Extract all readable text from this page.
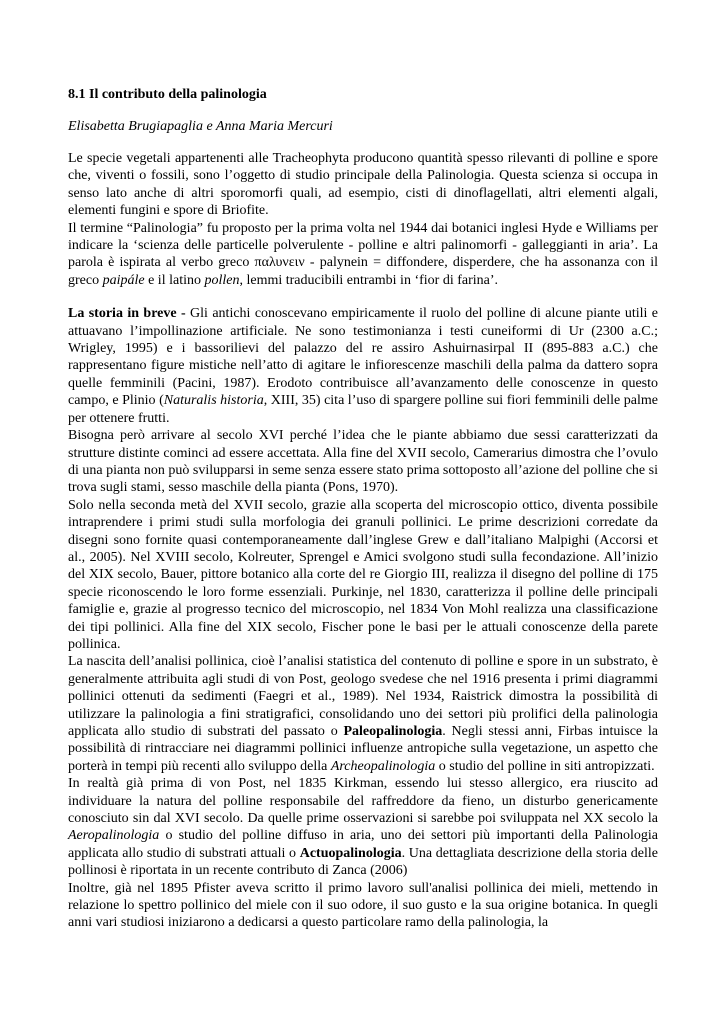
8.1 Il contributo della palinologia
Elisabetta Brugiapaglia e Anna Maria Mercuri

Le specie vegetali appartenenti alle Tracheophyta producono quantità spesso rilevanti di polline e spore che, viventi o fossili, sono l’oggetto di studio principale della Palinologia. Questa scienza si occupa in senso lato anche di altri sporomorfi quali, ad esempio, cisti di dinoflagellati, altri elementi algali, elementi fungini e spore di Briofite.

Il termine “Palinologia” fu proposto per la prima volta nel 1944 dai botanici inglesi Hyde e Williams per indicare la ‘scienza delle particelle polverulente - polline e altri palinomorfi - galleggianti in aria’. La parola è ispirata al verbo greco παλυνειν - palynein = diffondere, disperdere, che ha assonanza con il greco paipále e il latino pollen, lemmi traducibili entrambi in ‘fior di farina’.

La storia in breve - Gli antichi conoscevano empiricamente il ruolo del polline di alcune piante utili e attuavano l’impollinazione artificiale. Ne sono testimonianza i testi cuneiformi di Ur (2300 a.C.; Wrigley, 1995) e i bassorilievi del palazzo del re assiro Ashuirnasirpal II (895-883 a.C.) che rappresentano figure mistiche nell’atto di agitare le infiorescenze maschili della palma da dattero sopra quelle femminili (Pacini, 1987). Erodoto contribuisce all’avanzamento delle conoscenze in questo campo, e Plinio (Naturalis historia, XIII, 35) cita l’uso di spargere polline sui fiori femminili delle palme per ottenere frutti.

Bisogna però arrivare al secolo XVI perché l’idea che le piante abbiamo due sessi caratterizzati da strutture distinte cominci ad essere accettata. Alla fine del XVII secolo, Camerarius dimostra che l’ovulo di una pianta non può svilupparsi in seme senza essere stato prima sottoposto all’azione del polline che si trova sugli stami, sesso maschile della pianta (Pons, 1970).

Solo nella seconda metà del XVII secolo, grazie alla scoperta del microscopio ottico, diventa possibile intraprendere i primi studi sulla morfologia dei granuli pollinici. Le prime descrizioni corredate da disegni sono fornite quasi contemporaneamente dall’inglese Grew e dall’italiano Malpighi (Accorsi et al., 2005). Nel XVIII secolo, Kolreuter, Sprengel e Amici svolgono studi sulla fecondazione. All’inizio del XIX secolo, Bauer, pittore botanico alla corte del re Giorgio III, realizza il disegno del polline di 175 specie riconoscendo le loro forme essenziali. Purkinje, nel 1830, caratterizza il polline delle principali famiglie e, grazie al progresso tecnico del microscopio, nel 1834 Von Mohl realizza una classificazione dei tipi pollinici. Alla fine del XIX secolo, Fischer pone le basi per le attuali conoscenze della parete pollinica.

La nascita dell’analisi pollinica, cioè l’analisi statistica del contenuto di polline e spore in un substrato, è generalmente attribuita agli studi di von Post, geologo svedese che nel 1916 presenta i primi diagrammi pollinici ottenuti da sedimenti (Faegri et al., 1989). Nel 1934, Raistrick dimostra la possibilità di utilizzare la palinologia a fini stratigrafici, consolidando uno dei settori più prolifici della palinologia applicata allo studio di substrati del passato o Paleopalinologia. Negli stessi anni, Firbas intuisce la possibilità di rintracciare nei diagrammi pollinici influenze antropiche sulla vegetazione, un aspetto che porterà in tempi più recenti allo sviluppo della Archeopalinologia o studio del polline in siti antropizzati.

In realtà già prima di von Post, nel 1835 Kirkman, essendo lui stesso allergico, era riuscito ad individuare la natura del polline responsabile del raffreddore da fieno, un disturbo genericamente conosciuto sin dal XVI secolo. Da quelle prime osservazioni si sarebbe poi sviluppata nel XX secolo la Aeropalinologia o studio del polline diffuso in aria, uno dei settori più importanti della Palinologia applicata allo studio di substrati attuali o Actuopalinologia. Una dettagliata descrizione della storia delle pollinosi è riportata in un recente contributo di Zanca (2006)

Inoltre, già nel 1895 Pfister aveva scritto il primo lavoro sull'analisi pollinica dei mieli, mettendo in relazione lo spettro pollinico del miele con il suo odore, il suo gusto e la sua origine botanica. In quegli anni vari studiosi iniziarono a dedicarsi a questo particolare ramo della palinologia, la
